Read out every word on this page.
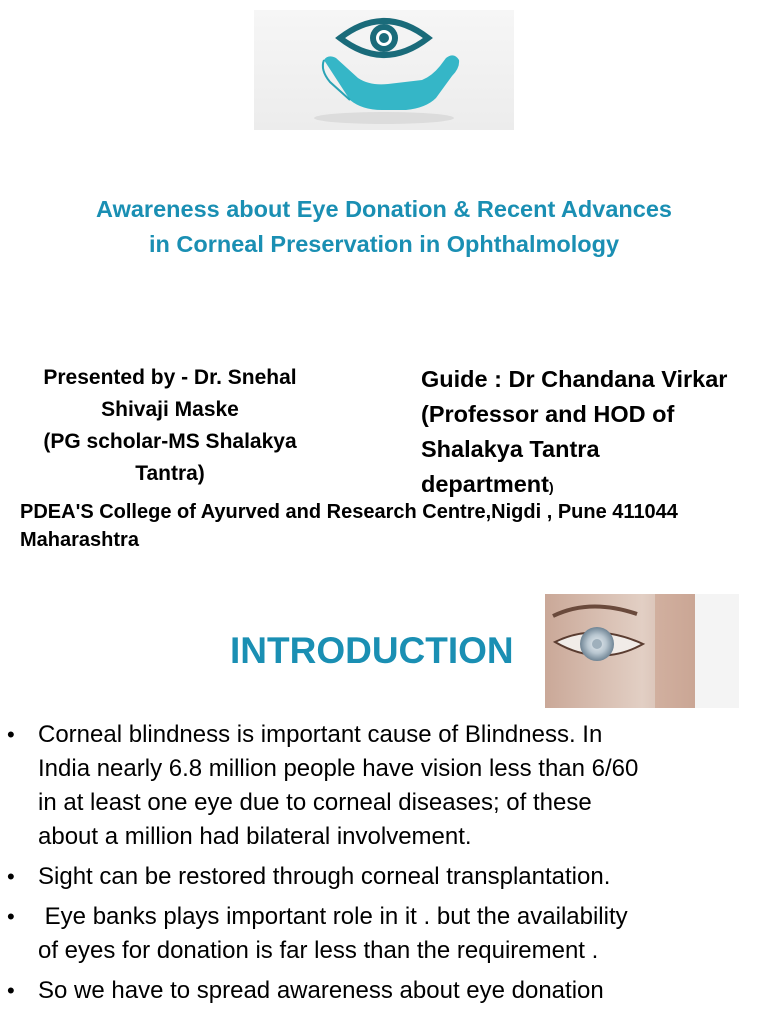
Awareness about Eye Donation & Recent Advances
in Corneal Preservation in Ophthalmology
Presented by - Dr. Snehal
Shivaji Maske
(PG scholar-MS Shalakya
Tantra)
Guide : Dr Chandana Virkar
(Professor and HOD of
Shalakya Tantra
department)
PDEA'S College of Ayurved and Research Centre,Nigdi , Pune 411044
Maharashtra
INTRODUCTION
• Corneal blindness is important cause of Blindness. In
India nearly 6.8 million people have vision less than 6/60
in at least one eye due to corneal diseases; of these
about a million had bilateral involvement.
• Sight can be restored through corneal transplantation.
• Eye banks plays important role in it . but the availability
of eyes for donation is far less than the requirement .
• So we have to spread awareness about eye donation
